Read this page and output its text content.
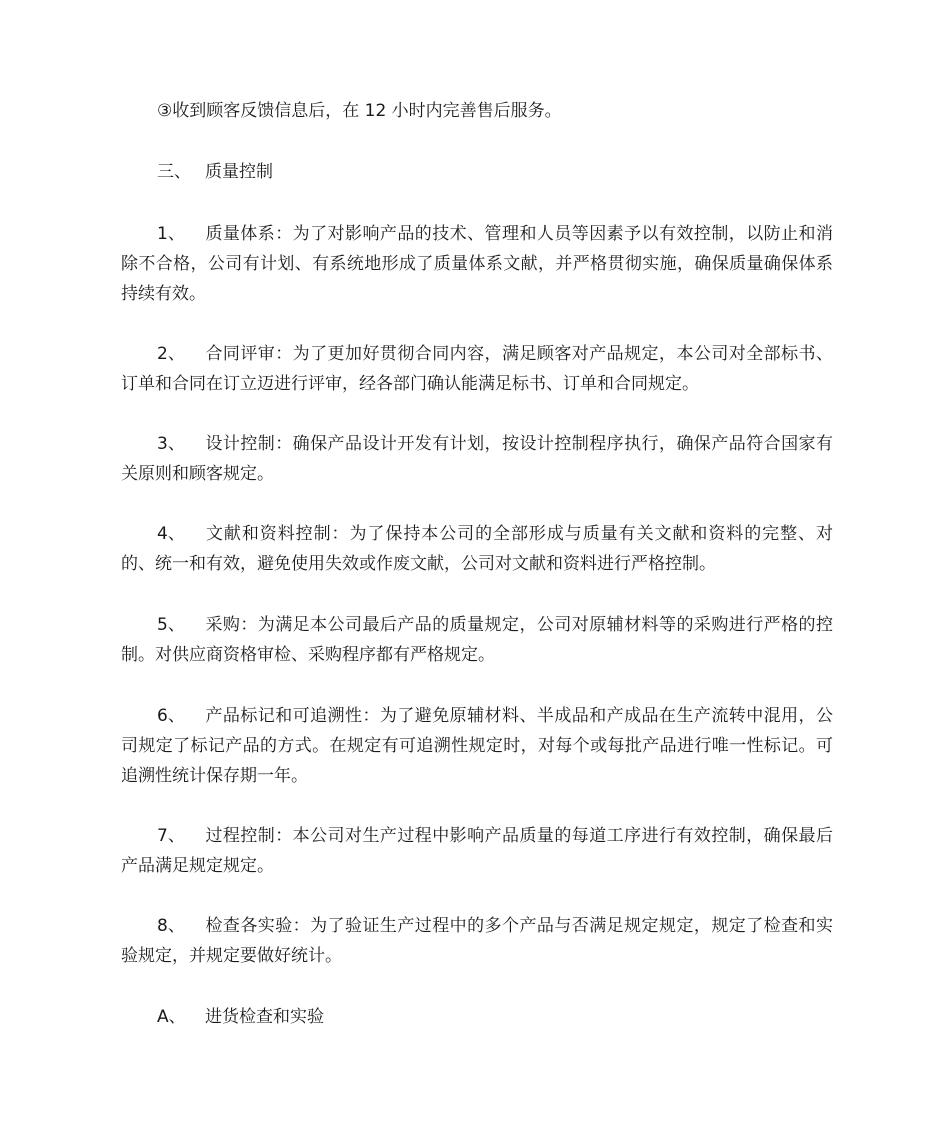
③收到顾客反馈信息后，在 12 小时内完善售后服务。

三、 质量控制

1、 质量体系：为了对影响产品的技术、管理和人员等因素予以有效控制，以防止和消除不合格，公司有计划、有系统地形成了质量体系文献，并严格贯彻实施，确保质量确保体系持续有效。

2、 合同评审：为了更加好贯彻合同内容，满足顾客对产品规定，本公司对全部标书、订单和合同在订立迈进行评审，经各部门确认能满足标书、订单和合同规定。

3、 设计控制：确保产品设计开发有计划，按设计控制程序执行，确保产品符合国家有关原则和顾客规定。

4、 文献和资料控制：为了保持本公司的全部形成与质量有关文献和资料的完整、对的、统一和有效，避免使用失效或作废文献，公司对文献和资料进行严格控制。

5、 采购：为满足本公司最后产品的质量规定，公司对原辅材料等的采购进行严格的控制。对供应商资格审检、采购程序都有严格规定。

6、 产品标记和可追溯性：为了避免原辅材料、半成品和产成品在生产流转中混用，公司规定了标记产品的方式。在规定有可追溯性规定时，对每个或每批产品进行唯一性标记。可追溯性统计保存期一年。

7、 过程控制：本公司对生产过程中影响产品质量的每道工序进行有效控制，确保最后产品满足规定规定。

8、 检查各实验：为了验证生产过程中的多个产品与否满足规定规定，规定了检查和实验规定，并规定要做好统计。

A、 进货检查和实验
